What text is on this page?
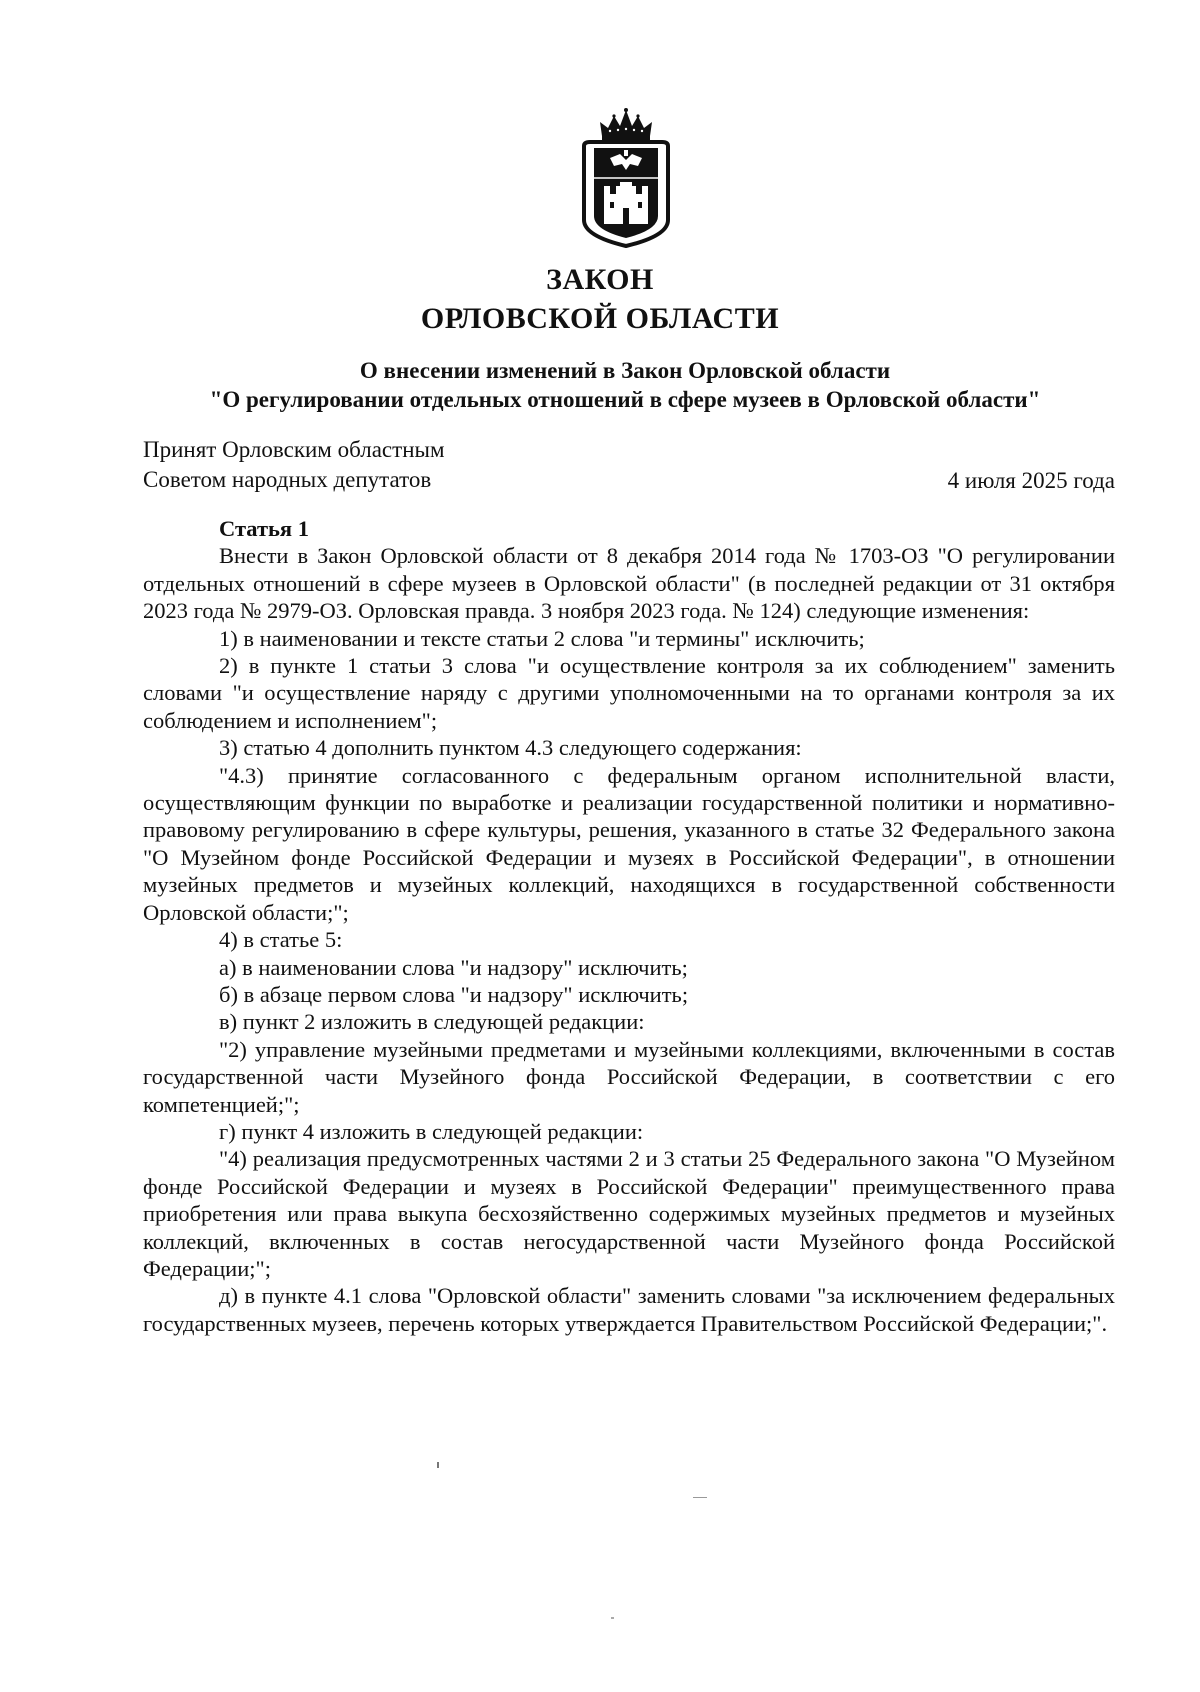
ЗАКОН
ОРЛОВСКОЙ ОБЛАСТИ
О внесении изменений в Закон Орловской области
"О регулировании отдельных отношений в сфере музеев в Орловской области"
Принят Орловским областным
Советом народных депутатов	4 июля 2025 года
Статья 1

Внести в Закон Орловской области от 8 декабря 2014 года № 1703-ОЗ "О регулировании отдельных отношений в сфере музеев в Орловской области" (в последней редакции от 31 октября 2023 года № 2979-ОЗ. Орловская правда. 3 ноября 2023 года. № 124) следующие изменения:

1) в наименовании и тексте статьи 2 слова "и термины" исключить;

2) в пункте 1 статьи 3 слова "и осуществление контроля за их соблюдением" заменить словами "и осуществление наряду с другими уполномоченными на то органами контроля за их соблюдением и исполнением";

3) статью 4 дополнить пунктом 4.3 следующего содержания:

"4.3) принятие согласованного с федеральным органом исполнительной власти, осуществляющим функции по выработке и реализации государственной политики и нормативно-правовому регулированию в сфере культуры, решения, указанного в статье 32 Федерального закона "О Музейном фонде Российской Федерации и музеях в Российской Федерации", в отношении музейных предметов и музейных коллекций, находящихся в государственной собственности Орловской области;";

4) в статье 5:

а) в наименовании слова "и надзору" исключить;

б) в абзаце первом слова "и надзору" исключить;

в) пункт 2 изложить в следующей редакции:

"2) управление музейными предметами и музейными коллекциями, включенными в состав государственной части Музейного фонда Российской Федерации, в соответствии с его компетенцией;";

г) пункт 4 изложить в следующей редакции:

"4) реализация предусмотренных частями 2 и 3 статьи 25 Федерального закона "О Музейном фонде Российской Федерации и музеях в Российской Федерации" преимущественного права приобретения или права выкупа бесхозяйственно содержимых музейных предметов и музейных коллекций, включенных в состав негосударственной части Музейного фонда Российской Федерации;";

д) в пункте 4.1 слова "Орловской области" заменить словами "за исключением федеральных государственных музеев, перечень которых утверждается Правительством Российской Федерации;".
